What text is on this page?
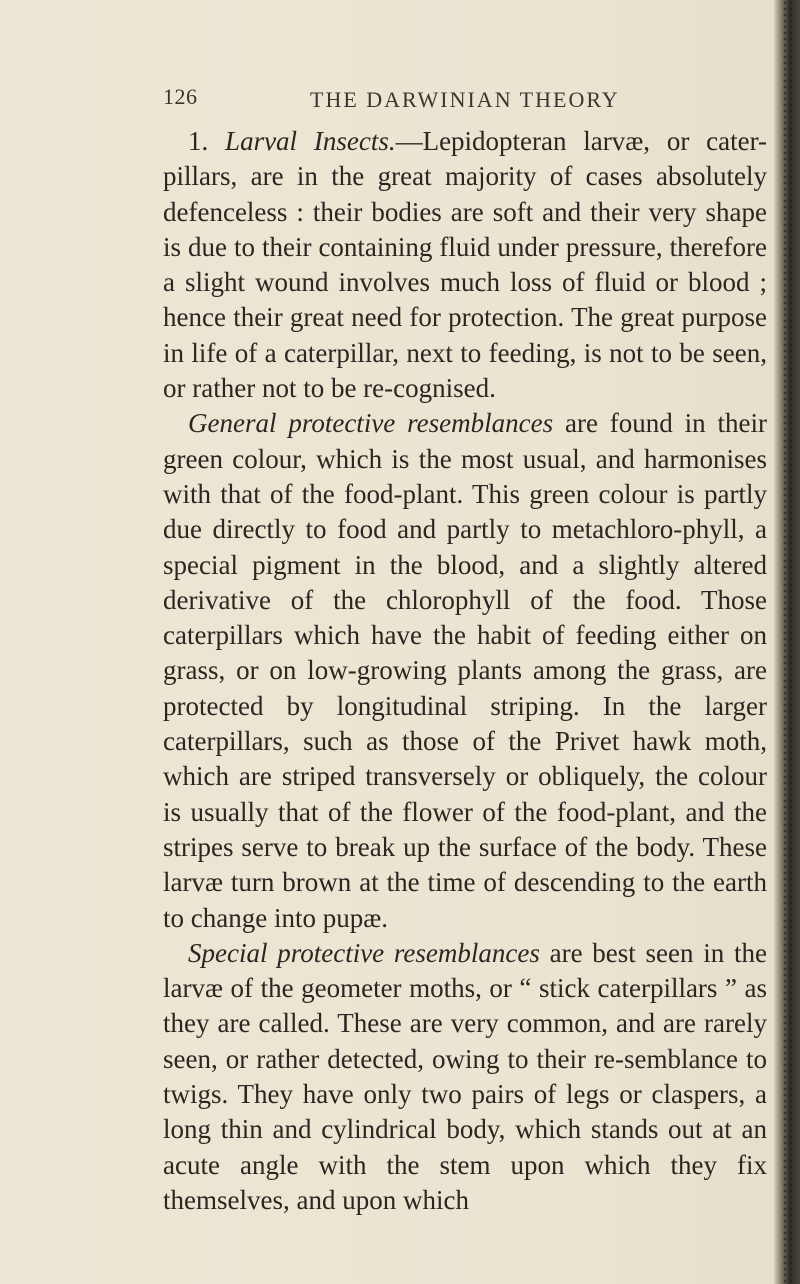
126	THE DARWINIAN THEORY

1. Larval Insects.—Lepidopteran larvæ, or cater-pillars, are in the great majority of cases absolutely defenceless : their bodies are soft and their very shape is due to their containing fluid under pressure, therefore a slight wound involves much loss of fluid or blood ; hence their great need for protection. The great purpose in life of a caterpillar, next to feeding, is not to be seen, or rather not to be re-cognised.

General protective resemblances are found in their green colour, which is the most usual, and harmonises with that of the food-plant. This green colour is partly due directly to food and partly to metachloro-phyll, a special pigment in the blood, and a slightly altered derivative of the chlorophyll of the food. Those caterpillars which have the habit of feeding either on grass, or on low-growing plants among the grass, are protected by longitudinal striping. In the larger caterpillars, such as those of the Privet hawk moth, which are striped transversely or obliquely, the colour is usually that of the flower of the food-plant, and the stripes serve to break up the surface of the body. These larvæ turn brown at the time of descending to the earth to change into pupæ.

Special protective resemblances are best seen in the larvæ of the geometer moths, or “ stick caterpillars ” as they are called. These are very common, and are rarely seen, or rather detected, owing to their re-semblance to twigs. They have only two pairs of legs or claspers, a long thin and cylindrical body, which stands out at an acute angle with the stem upon which they fix themselves, and upon which
